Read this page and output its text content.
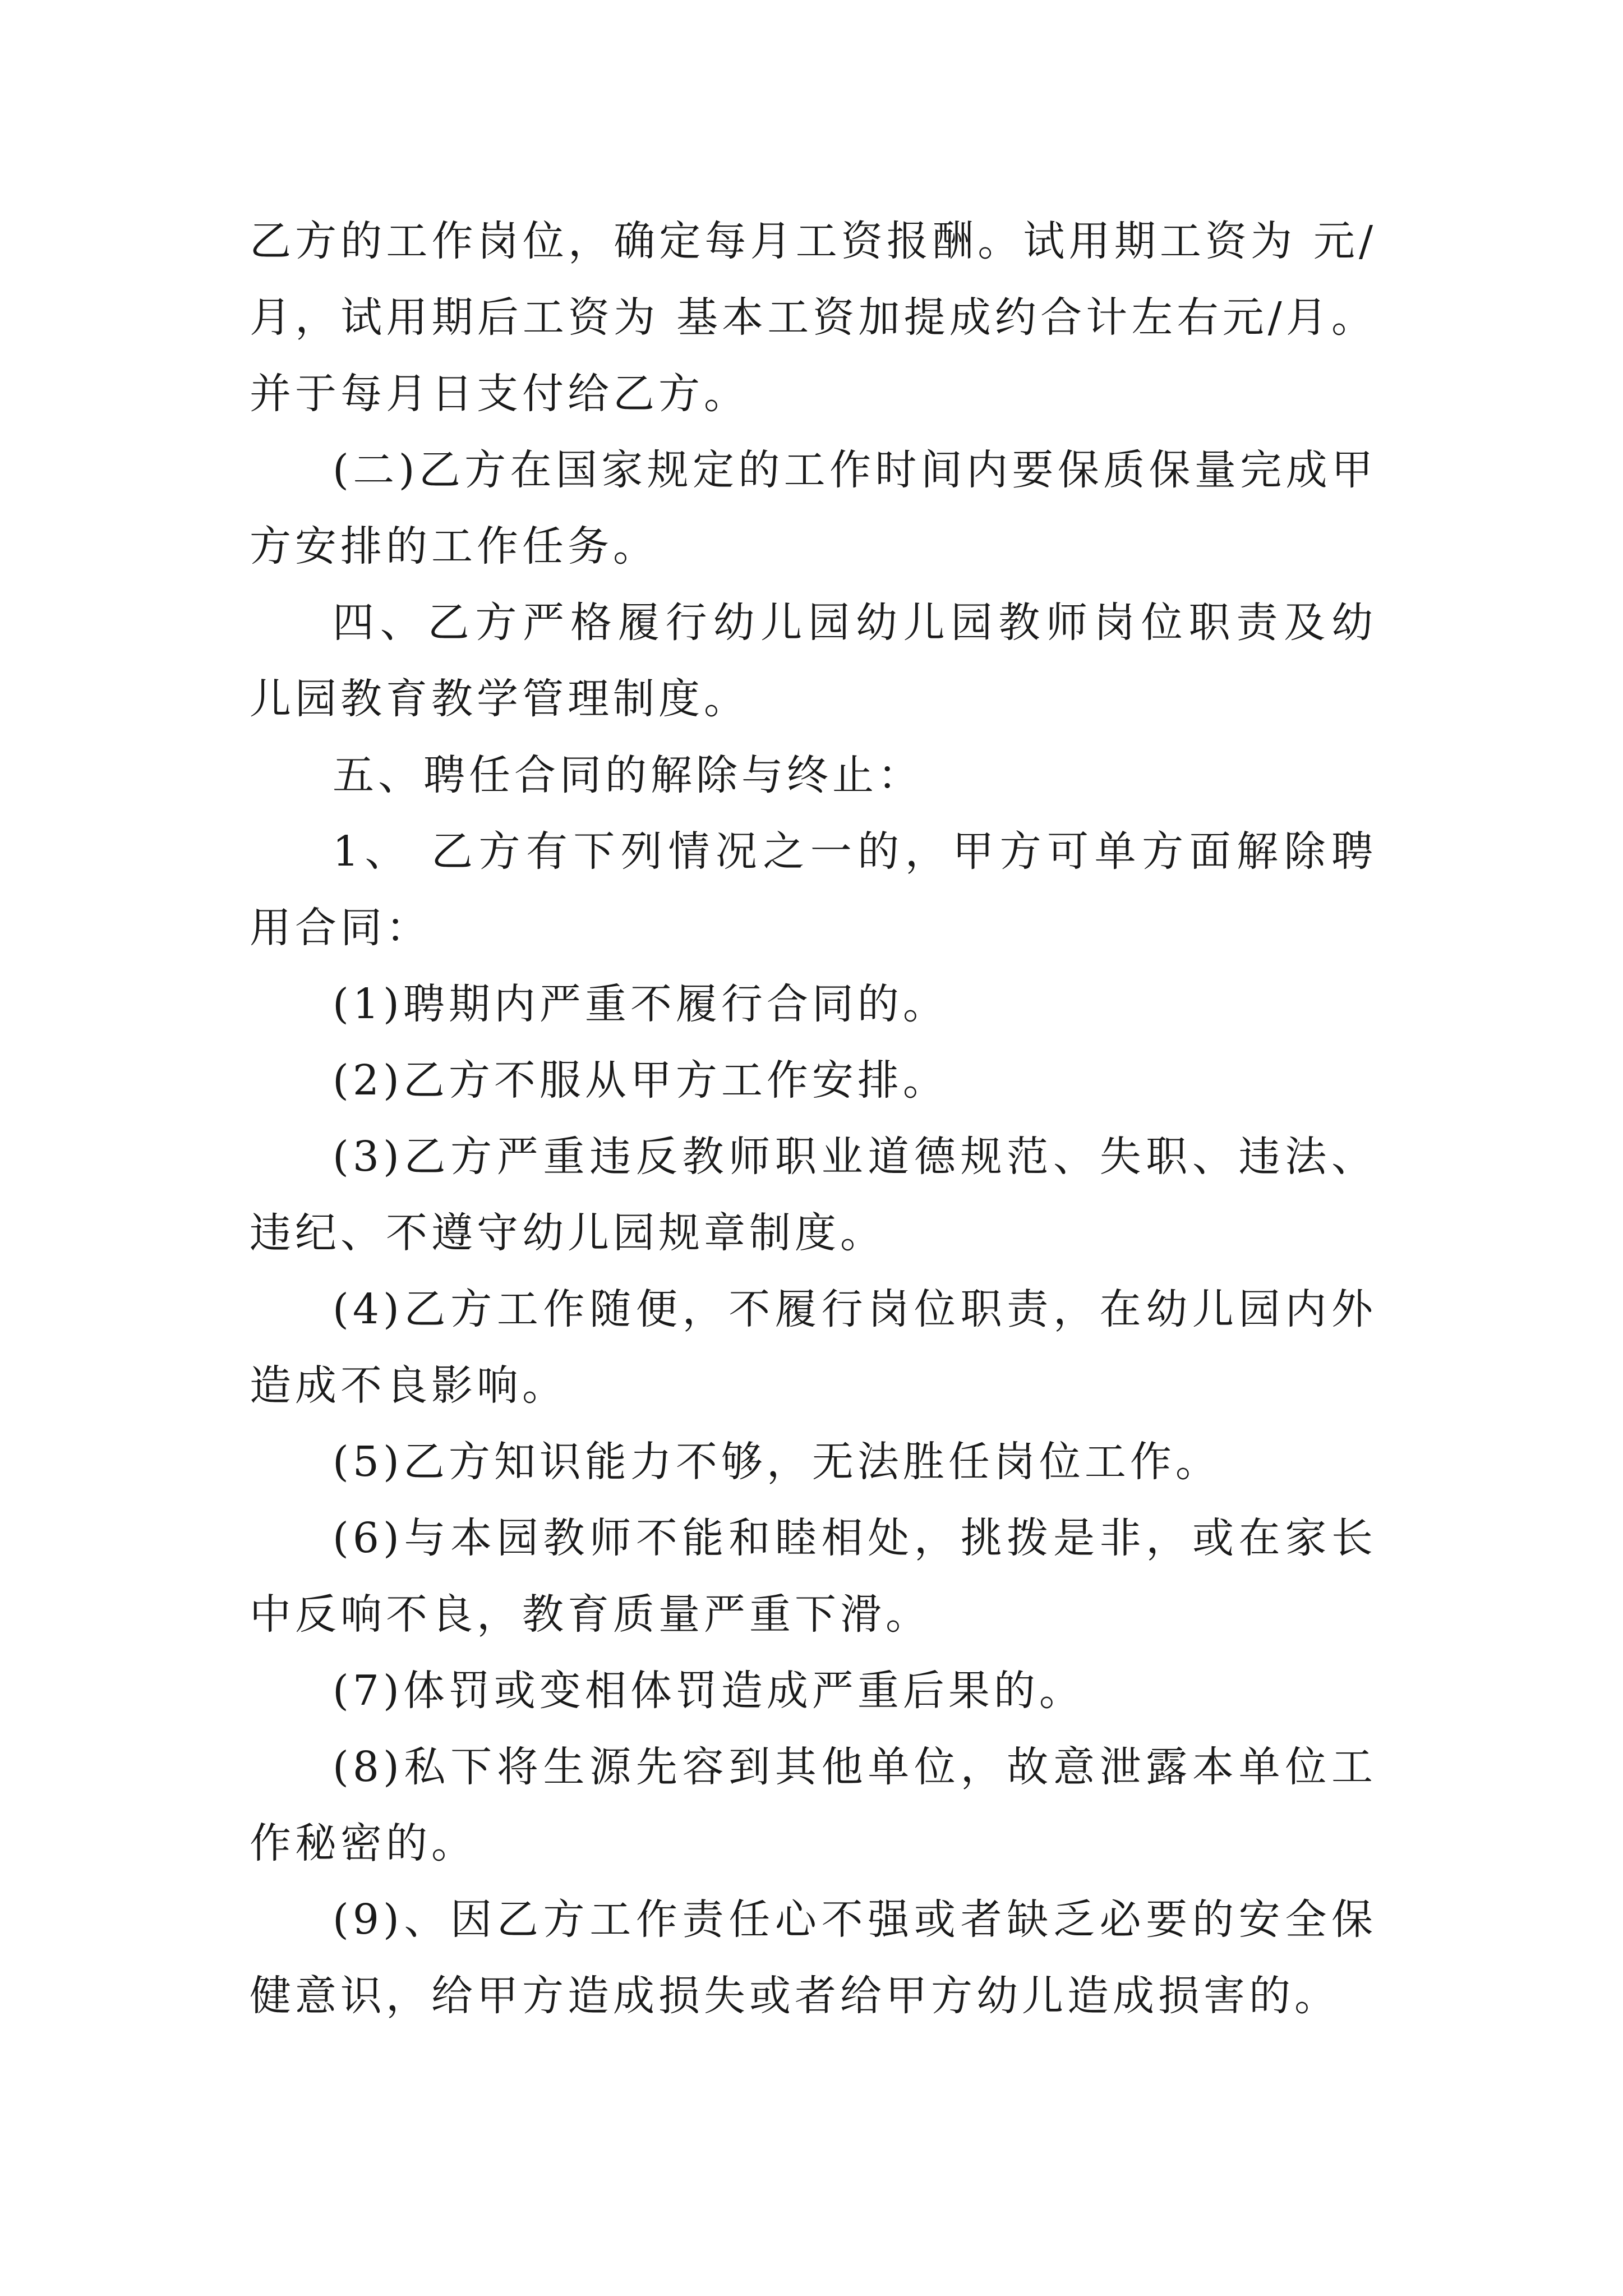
乙方的工作岗位，确定每月工资报酬。试用期工资为 元/月，试用期后工资为 基本工资加提成约合计左右元/月。并于每月日支付给乙方。

(二)乙方在国家规定的工作时间内要保质保量完成甲方安排的工作任务。

四、乙方严格履行幼儿园幼儿园教师岗位职责及幼儿园教育教学管理制度。

五、聘任合同的解除与终止：

1、 乙方有下列情况之一的，甲方可单方面解除聘用合同：

(1)聘期内严重不履行合同的。

(2)乙方不服从甲方工作安排。

(3)乙方严重违反教师职业道德规范、失职、违法、违纪、不遵守幼儿园规章制度。

(4)乙方工作随便，不履行岗位职责，在幼儿园内外造成不良影响。

(5)乙方知识能力不够，无法胜任岗位工作。

(6)与本园教师不能和睦相处，挑拨是非，或在家长中反响不良，教育质量严重下滑。

(7)体罚或变相体罚造成严重后果的。

(8)私下将生源先容到其他单位，故意泄露本单位工作秘密的。

(9)、因乙方工作责任心不强或者缺乏必要的安全保健意识，给甲方造成损失或者给甲方幼儿造成损害的。
